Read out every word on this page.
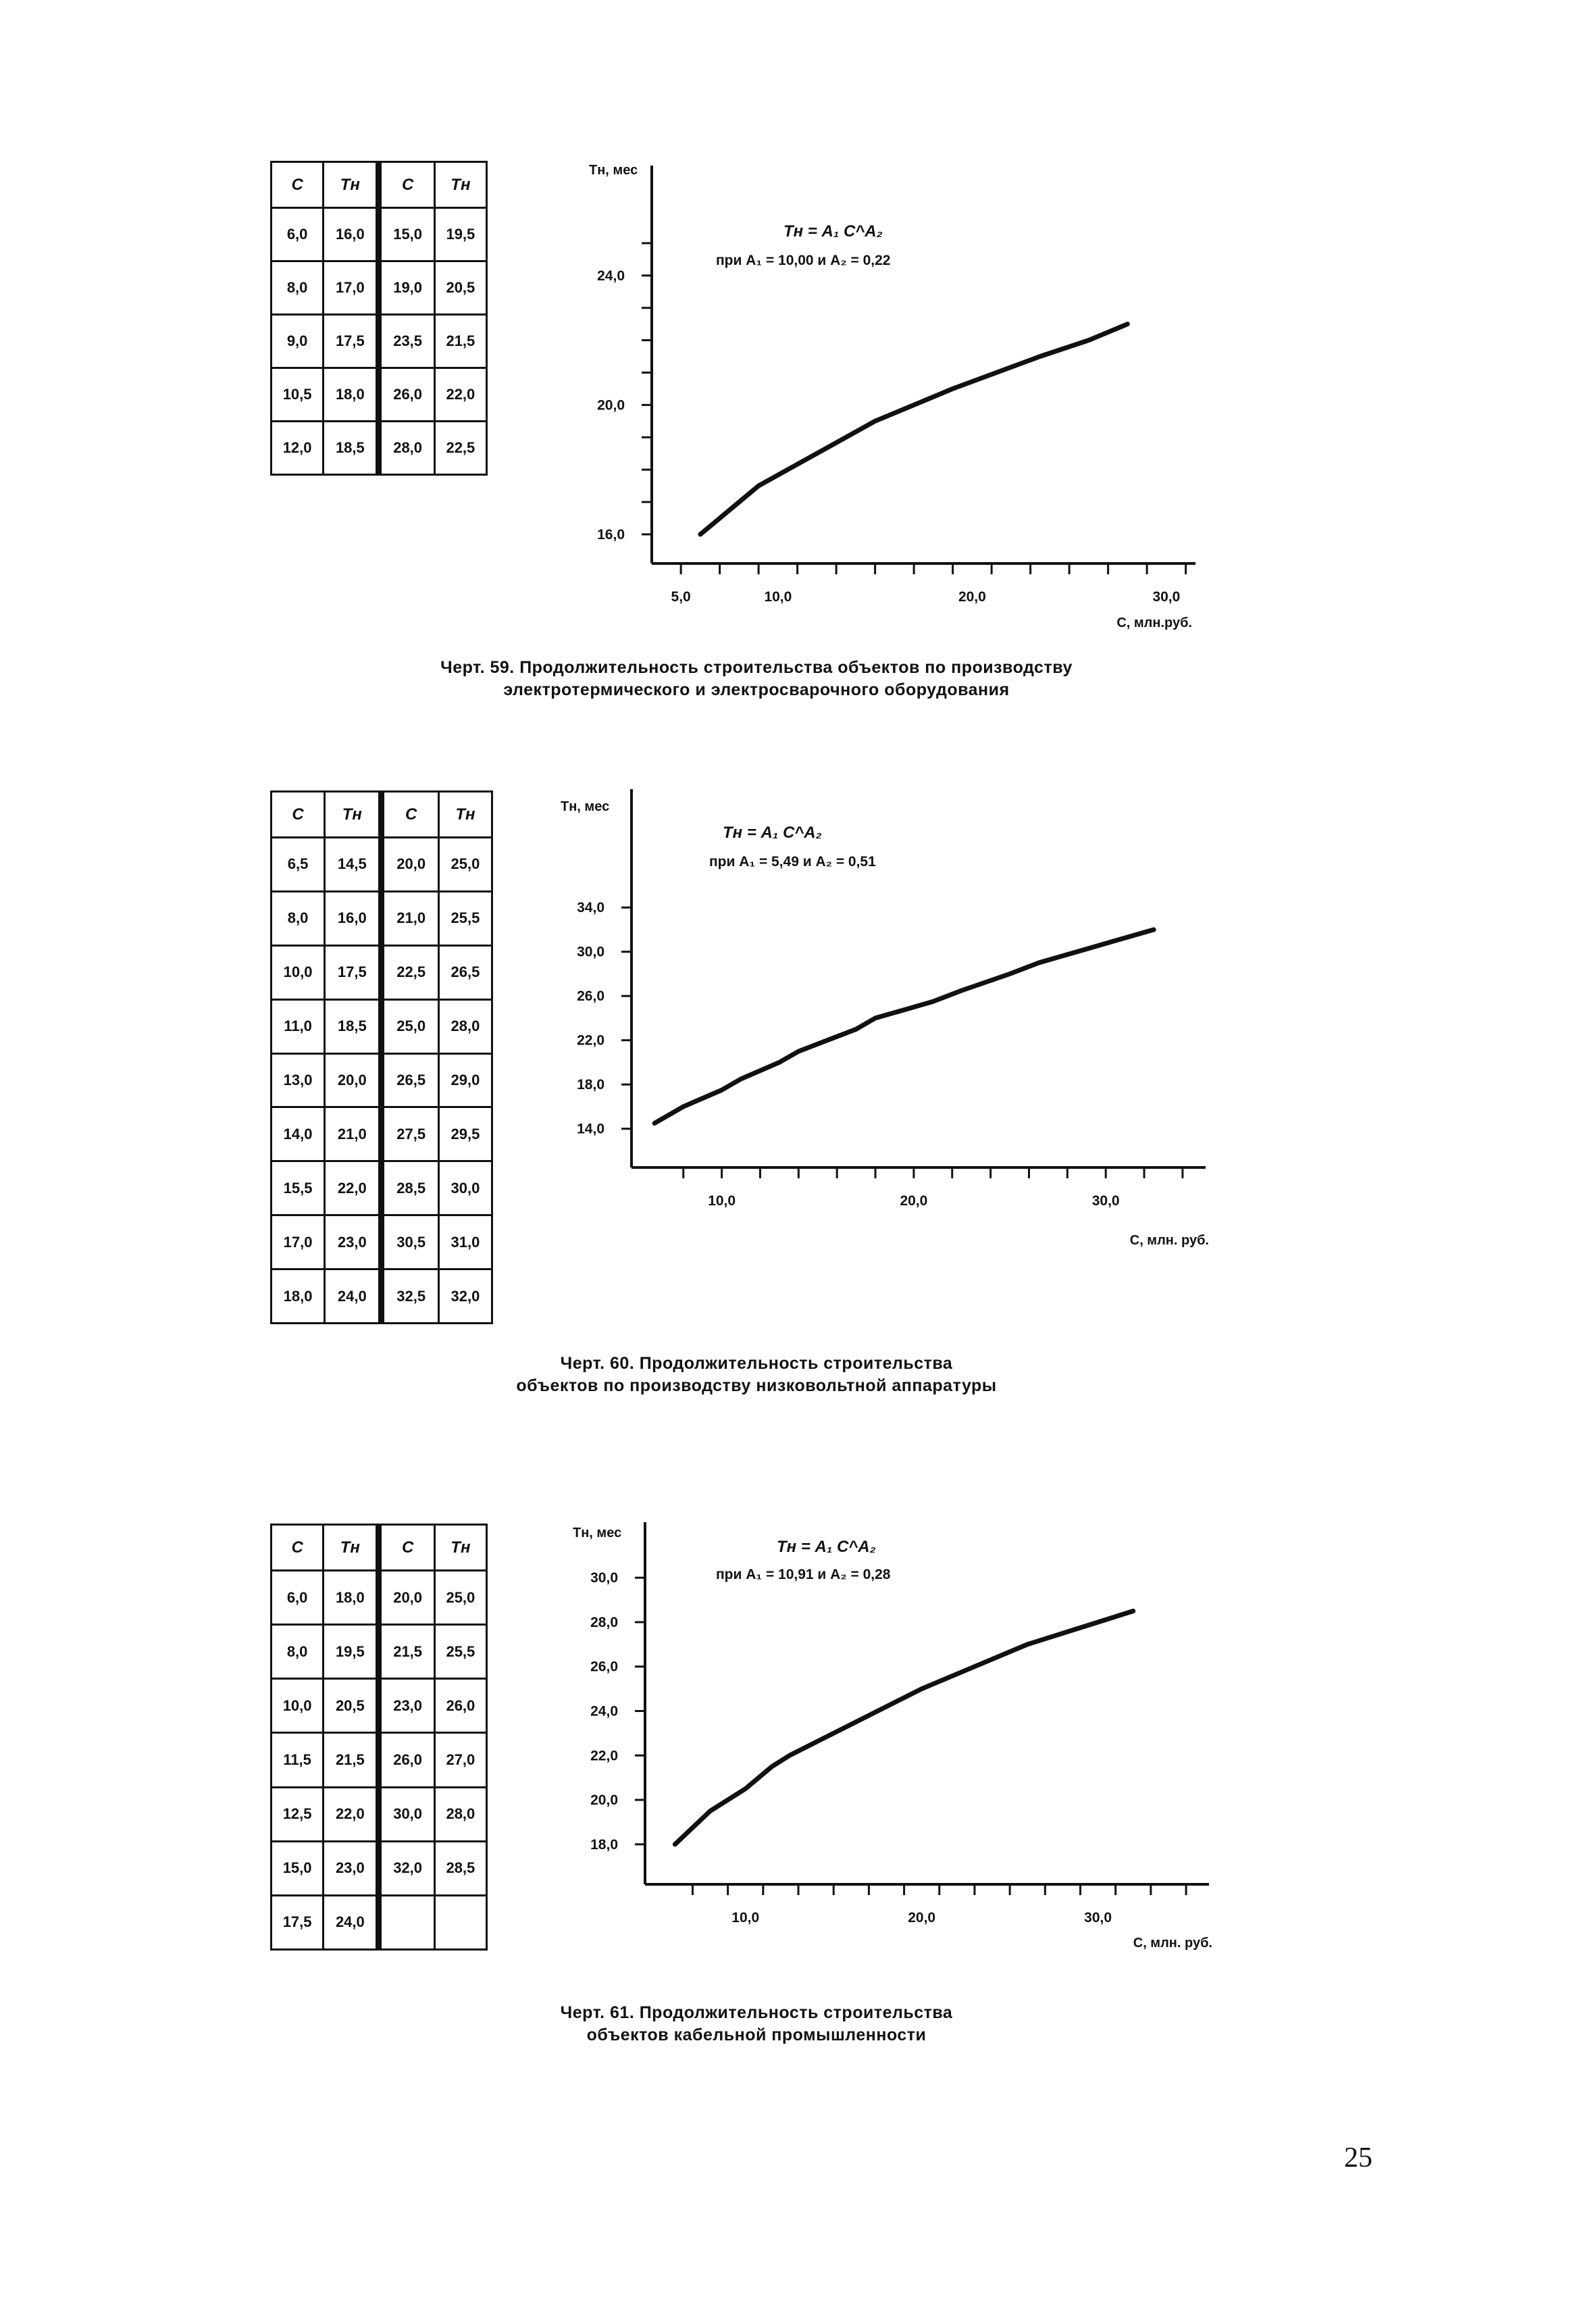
C	Tн	C	Tн
6,0	16,0	15,0	19,5
8,0	17,0	19,0	20,5
9,0	17,5	23,5	21,5
10,5	18,0	26,0	22,0
12,0	18,5	28,0	22,5
Tн, мес
C, млн.руб.
Tн = A₁ C^A₂
при A₁ = 10,00 и A₂ = 0,22
16,0
20,0
24,0
5,0	10,0	20,0	30,0
Черт. 59. Продолжительность строительства объектов по производству
электротермического и электросварочного оборудования
C	Tн	C	Tн
6,5	14,5	20,0	25,0
8,0	16,0	21,0	25,5
10,0	17,5	22,5	26,5
11,0	18,5	25,0	28,0
13,0	20,0	26,5	29,0
14,0	21,0	27,5	29,5
15,5	22,0	28,5	30,0
17,0	23,0	30,5	31,0
18,0	24,0	32,5	32,0
Tн, мес
C, млн. руб.
Tн = A₁ C^A₂
при A₁ = 5,49 и A₂ = 0,51
14,0
18,0
22,0
26,0
30,0
34,0
10,0	20,0	30,0
Черт. 60. Продолжительность строительства
объектов по производству низковольтной аппаратуры
C	Tн	C	Tн
6,0	18,0	20,0	25,0
8,0	19,5	21,5	25,5
10,0	20,5	23,0	26,0
11,5	21,5	26,0	27,0
12,5	22,0	30,0	28,0
15,0	23,0	32,0	28,5
17,5	24,0		
Tн, мес
C, млн. руб.
Tн = A₁ C^A₂
при A₁ = 10,91 и A₂ = 0,28
18,0
20,0
22,0
24,0
26,0
28,0
30,0
10,0	20,0	30,0
Черт. 61. Продолжительность строительства
объектов кабельной промышленности
25
